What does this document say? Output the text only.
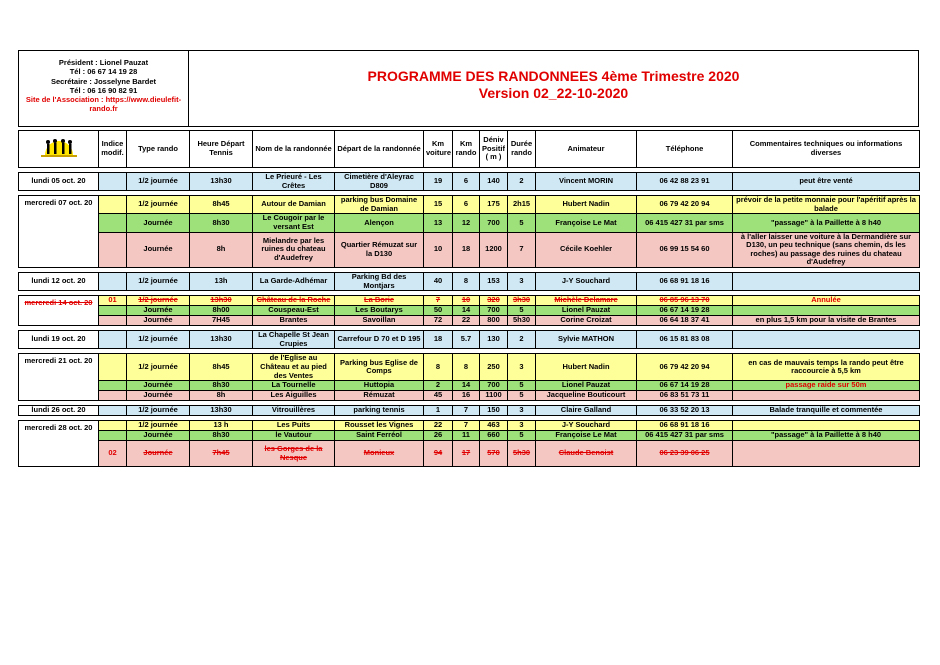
Président : Lionel Pauzat
Tél : 06 67 14 19 28
Secrétaire : Josselyne Bardet
Tél : 06 16 90 82 91
Site de l'Association : https://www.dieulefit-rando.fr
PROGRAMME DES RANDONNEES 4ème Trimestre 2020
Version 02_22-10-2020
	Indice modif.	Type rando	Heure Départ Tennis	Nom de la randonnée	Départ de la randonnée	Km voiture	Km rando	Déniv Positif ( m )	Durée rando	Animateur	Téléphone	Commentaires techniques ou informations diverses

lundi 05 oct. 20		1/2 journée	13h30	Le Prieuré - Les Crêtes	Cimetière d'Aleyrac D809	19	6	140	2	Vincent MORIN	06 42 88 23 91	peut être venté

mercredi 07 oct. 20		1/2 journée	8h45	Autour de Damian	parking bus Domaine de Damian	15	6	175	2h15	Hubert Nadin	06 79 42 20 94	prévoir de la petite monnaie pour l'apéritif après la balade
		Journée	8h30	Le Cougoir par le versant Est	Alençon	13	12	700	5	Françoise Le Mat	06 415 427 31 par sms	"passage" à la Paillette à 8 h40
		Journée	8h	Mielandre par les ruines du chateau d'Audefrey	Quartier Rémuzat sur la D130	10	18	1200	7	Cécile Koehler	06 99 15 54 60	à l'aller laisser une voiture à la Dermandière sur D130, un peu technique (sans chemin, ds les roches) au passage des ruines du chateau d'Audefrey

lundi 12 oct. 20		1/2 journée	13h	La Garde-Adhémar	Parking Bd des Montjars	40	8	153	3	J-Y Souchard	06 68 91 18 16	

mercredi 14 oct. 20	01	1/2 journée	13h30	Château de la Roche	La Borie	7	10	320	3h30	Michèle Delamare	06 85 96 13 70	Annulée
		Journée	8h00	Couspeau-Est	Les Boutarys	50	14	700	5	Lionel Pauzat	06 67 14 19 28	
		Journée	7H45	Brantes	Savoillan	72	22	800	5h30	Corine Croizat	06 64 18 37 41	en plus 1,5 km pour la visite de Brantes

lundi 19 oct. 20		1/2 journée	13h30	La Chapelle St Jean Crupies	Carrefour D 70 et D 195	18	5.7	130	2	Sylvie MATHON	06 15 81 83 08	

mercredi 21 oct. 20		1/2 journée	8h45	de l'Eglise au Château et au pied des Ventes	Parking bus Eglise de Comps	8	8	250	3	Hubert Nadin	06 79 42 20 94	en cas de mauvais temps la rando peut être raccourcie à 5,5 km
		Journée	8h30	La Tournelle	Huttopia	2	14	700	5	Lionel Pauzat	06 67 14 19 28	passage raide sur 50m
		Journée	8h	Les Aiguilles	Rémuzat	45	16	1100	5	Jacqueline Bouticourt	06 83 51 73 11	

lundi 26 oct. 20		1/2 journée	13h30	Vitrouillères	parking tennis	1	7	150	3	Claire Galland	06 33 52 20 13	Balade tranquille et commentée

mercredi 28 oct. 20		1/2 journée	13 h	Les Puits	Rousset les Vignes	22	7	463	3	J-Y Souchard	06 68 91 18 16	
		Journée	8h30	le Vautour	Saint Ferréol	26	11	660	5	Françoise Le Mat	06 415 427 31 par sms	"passage" à la Paillette à 8 h40
	02	Journée	7h45	les Gorges de la Nesque	Monieux	94	17	570	5h30	Claude Benoist	06 23 39 06 25	
